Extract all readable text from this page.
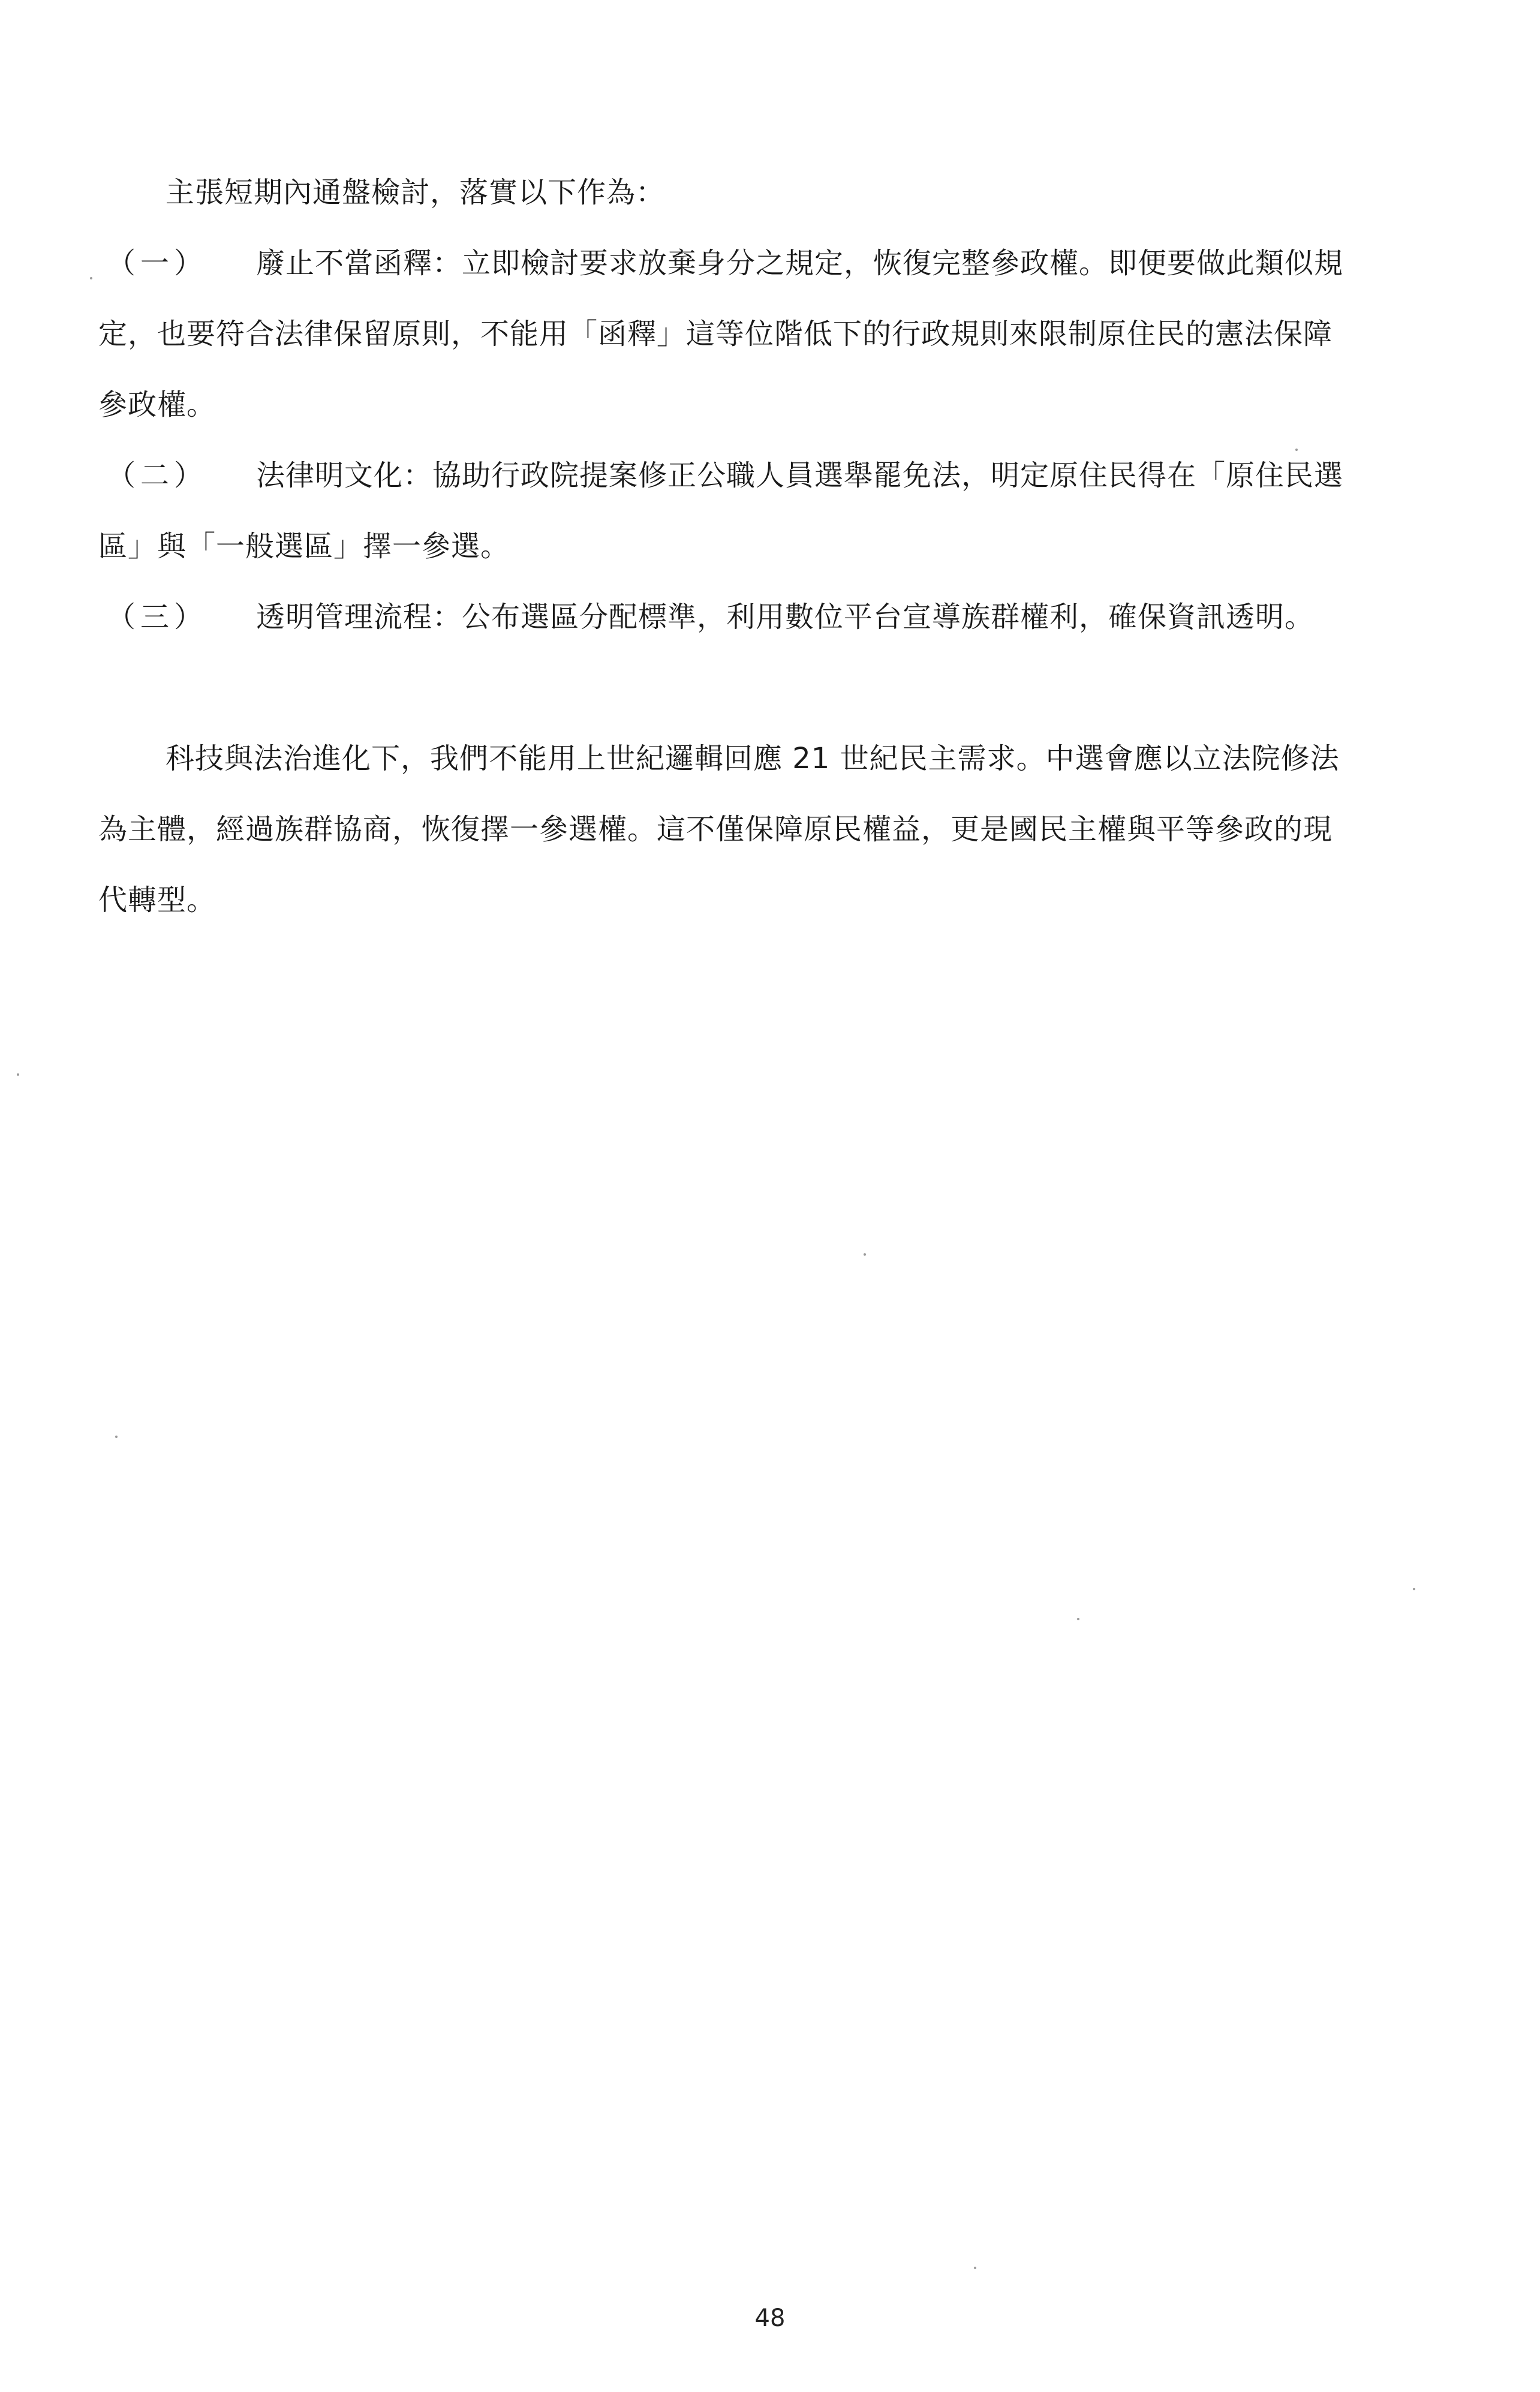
主張短期內通盤檢討，落實以下作為：

（一） 廢止不當函釋：立即檢討要求放棄身分之規定，恢復完整參政權。即便要做此類似規

定，也要符合法律保留原則，不能用「函釋」這等位階低下的行政規則來限制原住民的憲法保障

參政權。

（二） 法律明文化：協助行政院提案修正公職人員選舉罷免法，明定原住民得在「原住民選

區」與「一般選區」擇一參選。

（三） 透明管理流程：公布選區分配標準，利用數位平台宣導族群權利，確保資訊透明。
科技與法治進化下，我們不能用上世紀邏輯回應 21 世紀民主需求。中選會應以立法院修法
為主體，經過族群協商，恢復擇一參選權。這不僅保障原民權益，更是國民主權與平等參政的現
代轉型。
48
